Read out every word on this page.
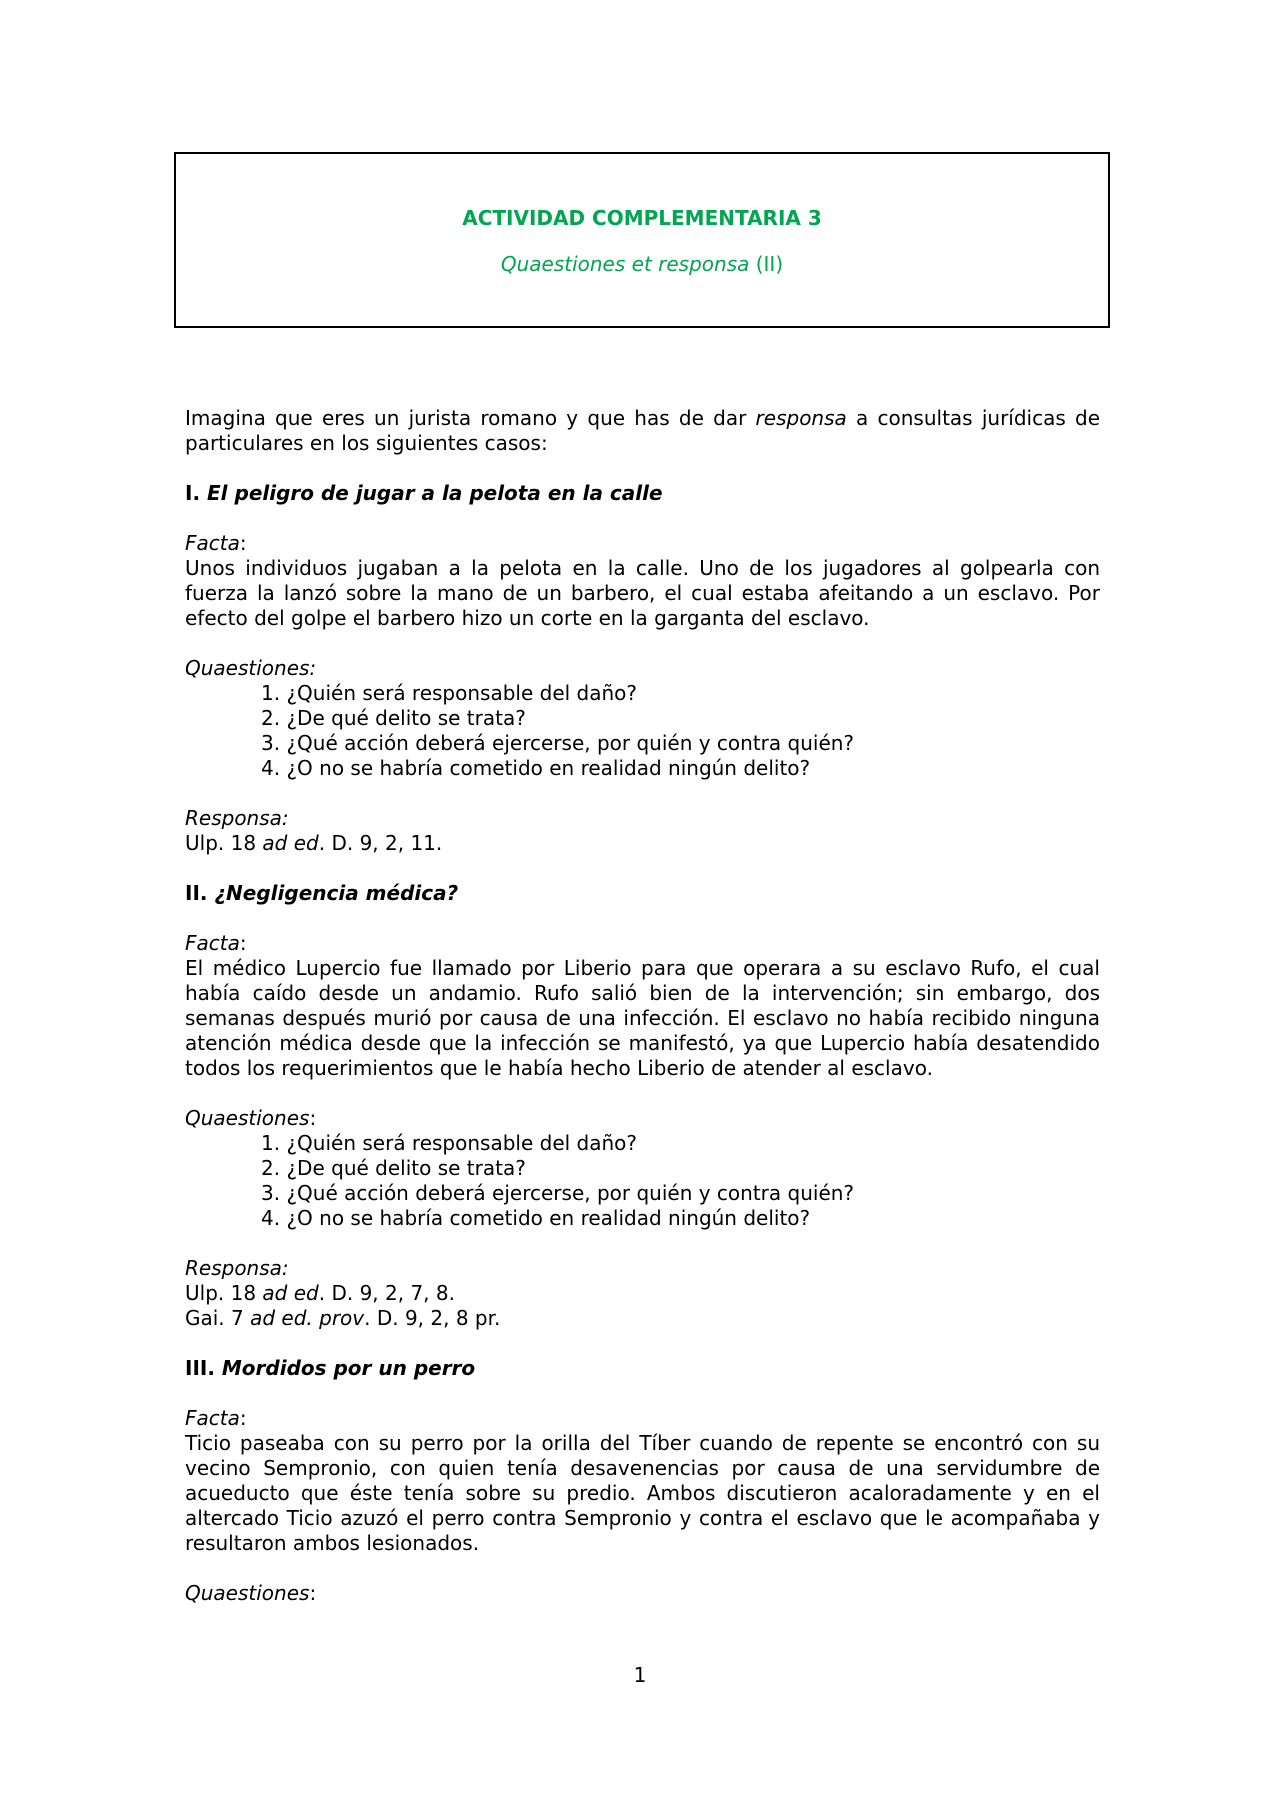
ACTIVIDAD COMPLEMENTARIA 3
Quaestiones et responsa (II)

Imagina que eres un jurista romano y que has de dar responsa a consultas jurídicas de particulares en los siguientes casos:

I. El peligro de jugar a la pelota en la calle

Facta:

Unos individuos jugaban a la pelota en la calle. Uno de los jugadores al golpearla con fuerza la lanzó sobre la mano de un barbero, el cual estaba afeitando a un esclavo. Por efecto del golpe el barbero hizo un corte en la garganta del esclavo.

Quaestiones:

1. ¿Quién será responsable del daño?
2. ¿De qué delito se trata?
3. ¿Qué acción deberá ejercerse, por quién y contra quién?
4. ¿O no se habría cometido en realidad ningún delito?

Responsa:

Ulp. 18 ad ed. D. 9, 2, 11.

II. ¿Negligencia médica?

Facta:

El médico Lupercio fue llamado por Liberio para que operara a su esclavo Rufo, el cual había caído desde un andamio. Rufo salió bien de la intervención; sin embargo, dos semanas después murió por causa de una infección. El esclavo no había recibido ninguna atención médica desde que la infección se manifestó, ya que Lupercio había desatendido todos los requerimientos que le había hecho Liberio de atender al esclavo.

Quaestiones:

1. ¿Quién será responsable del daño?
2. ¿De qué delito se trata?
3. ¿Qué acción deberá ejercerse, por quién y contra quién?
4. ¿O no se habría cometido en realidad ningún delito?

Responsa:

Ulp. 18 ad ed. D. 9, 2, 7, 8.

Gai. 7 ad ed. prov. D. 9, 2, 8 pr.

III. Mordidos por un perro

Facta:

Ticio paseaba con su perro por la orilla del Tíber cuando de repente se encontró con su vecino Sempronio, con quien tenía desavenencias por causa de una servidumbre de acueducto que éste tenía sobre su predio. Ambos discutieron acaloradamente y en el altercado Ticio azuzó el perro contra Sempronio y contra el esclavo que le acompañaba y resultaron ambos lesionados.

Quaestiones:

1
